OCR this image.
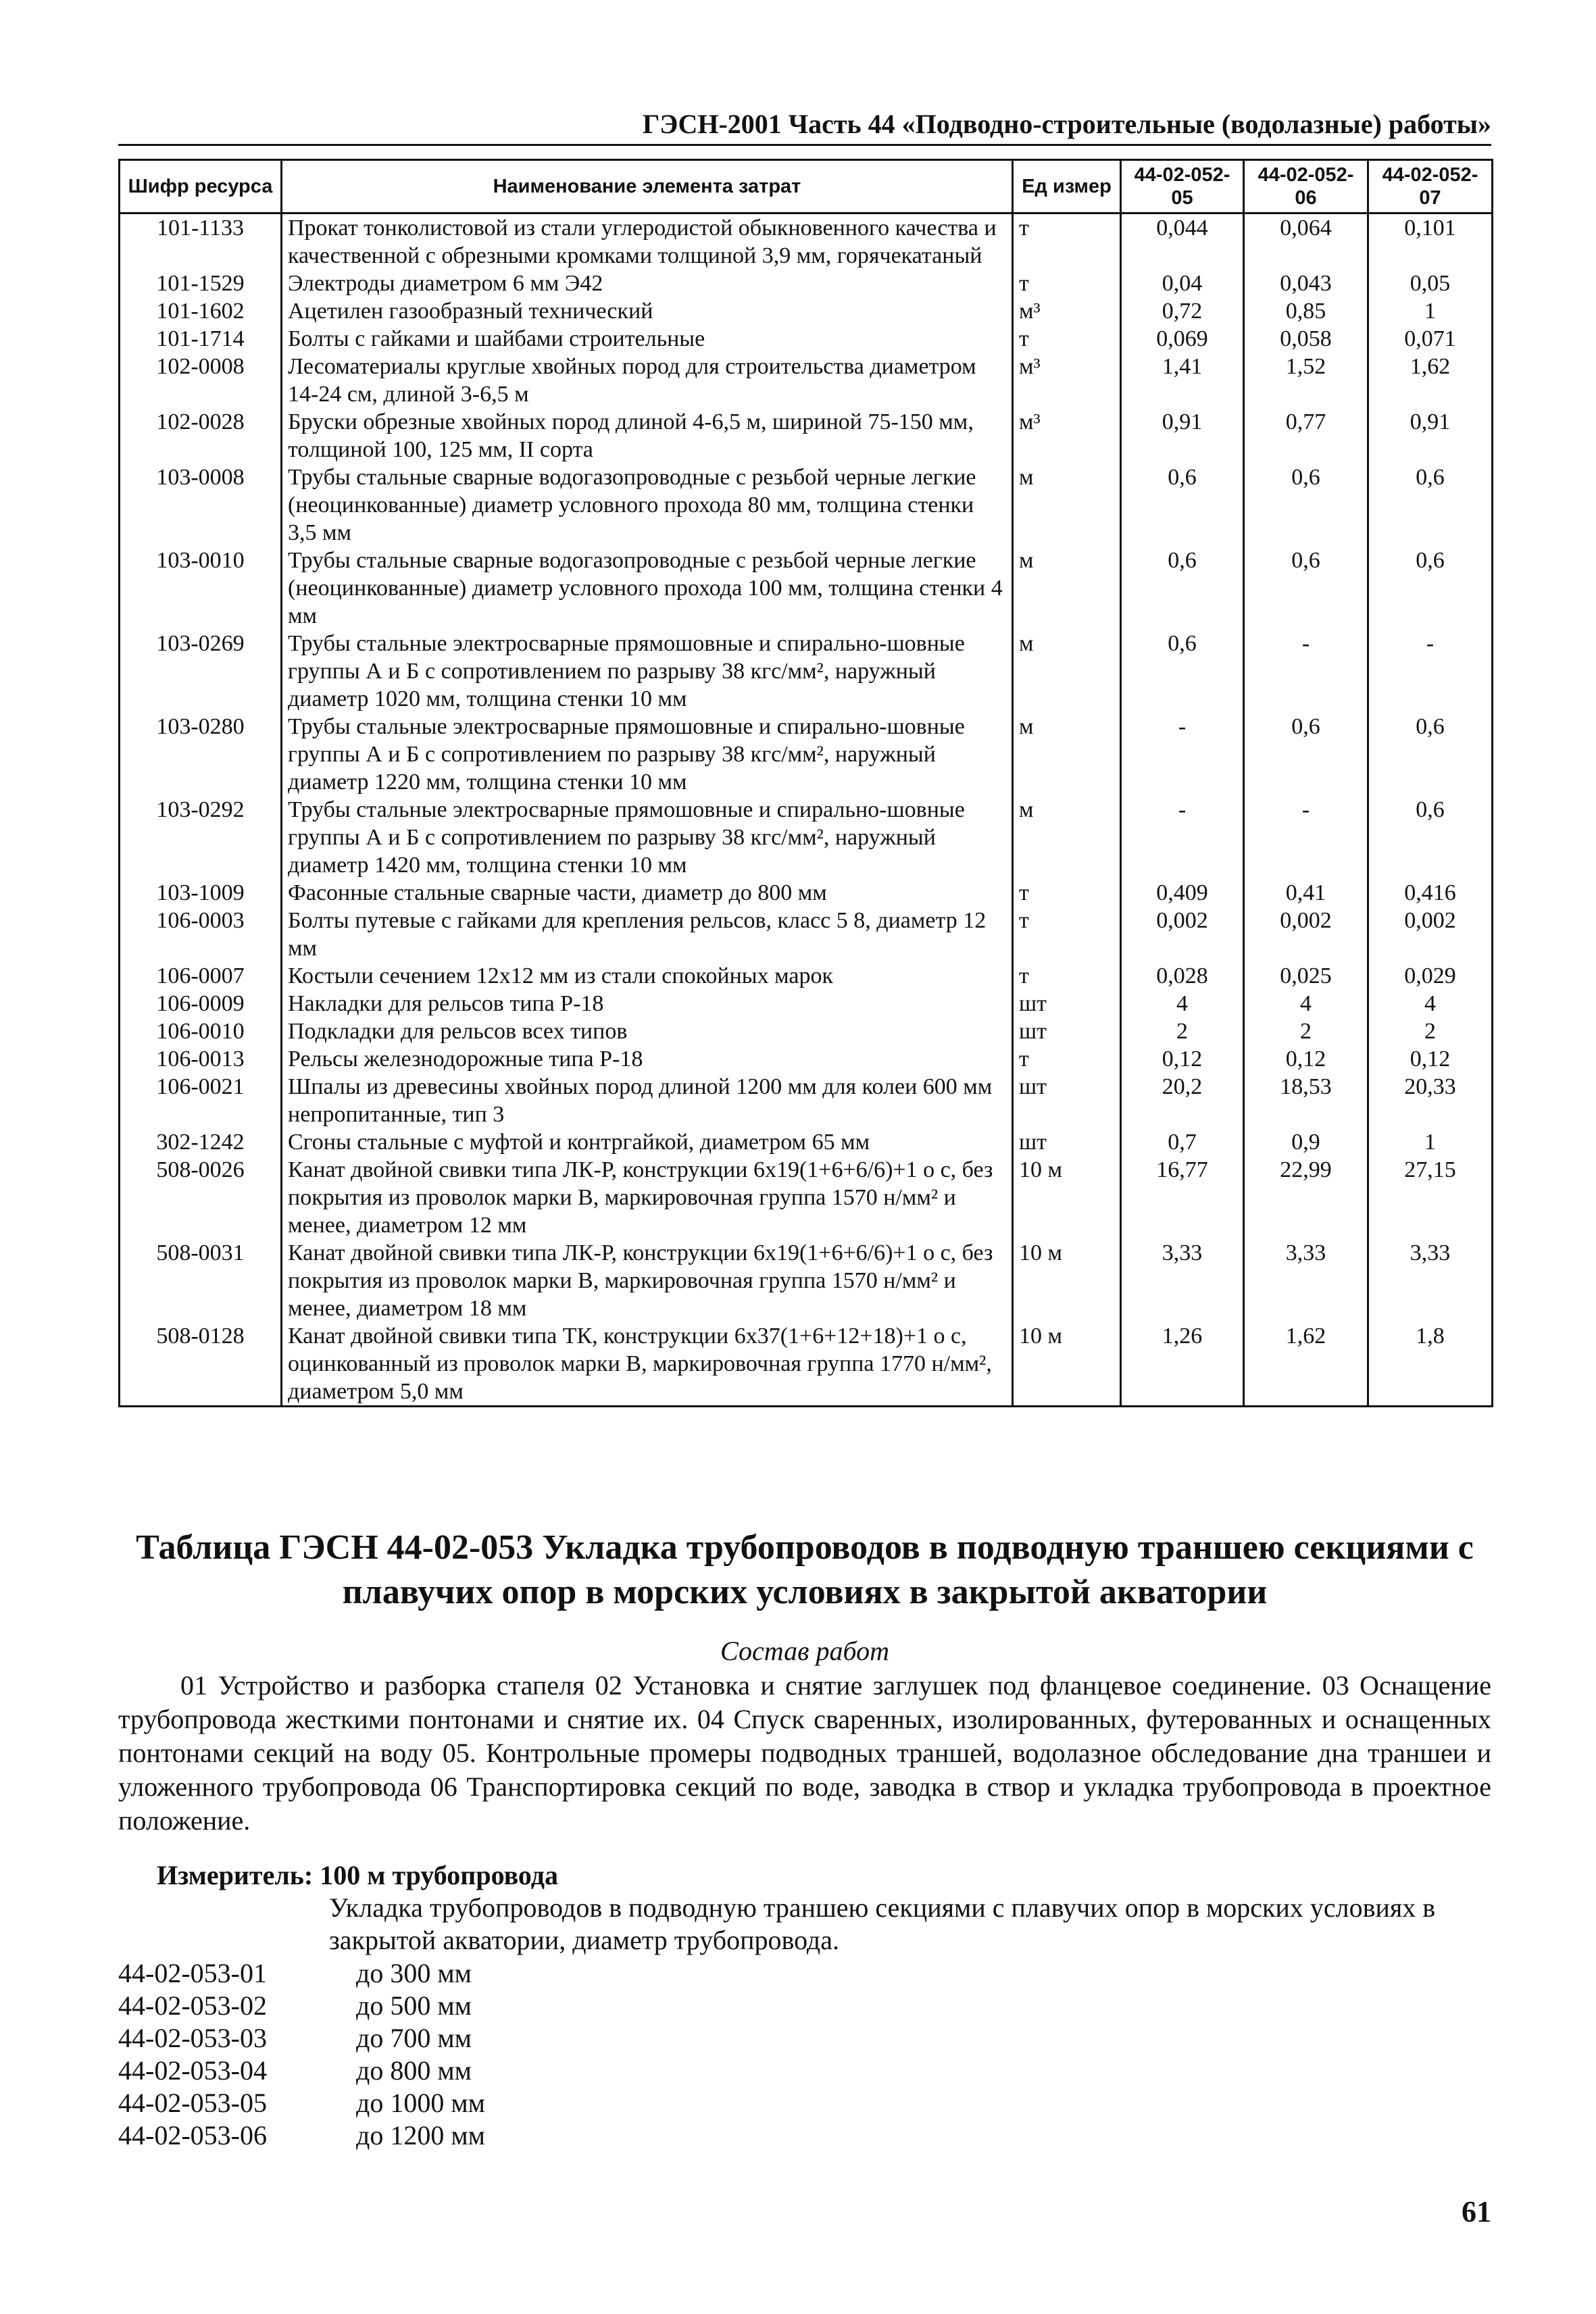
ГЭСН-2001 Часть 44 «Подводно-строительные (водолазные) работы»
Шифр ресурса	Наименование элемента затрат	Ед измер	44-02-052-05	44-02-052-06	44-02-052-07
101-1133	Прокат тонколистовой из стали углеродистой обыкновенного качества и качественной с обрезными кромками толщиной 3,9 мм, горячекатаный	т	0,044	0,064	0,101
101-1529	Электроды диаметром 6 мм Э42	т	0,04	0,043	0,05
101-1602	Ацетилен газообразный технический	м³	0,72	0,85	1
101-1714	Болты с гайками и шайбами строительные	т	0,069	0,058	0,071
102-0008	Лесоматериалы круглые хвойных пород для строительства диаметром 14-24 см, длиной 3-6,5 м	м³	1,41	1,52	1,62
102-0028	Бруски обрезные хвойных пород длиной 4-6,5 м, шириной 75-150 мм, толщиной 100, 125 мм, II сорта	м³	0,91	0,77	0,91
103-0008	Трубы стальные сварные водогазопроводные с резьбой черные легкие (неоцинкованные) диаметр условного прохода 80 мм, толщина стенки 3,5 мм	м	0,6	0,6	0,6
103-0010	Трубы стальные сварные водогазопроводные с резьбой черные легкие (неоцинкованные) диаметр условного прохода 100 мм, толщина стенки 4 мм	м	0,6	0,6	0,6
103-0269	Трубы стальные электросварные прямошовные и спирально-шовные группы А и Б с сопротивлением по разрыву 38 кгс/мм², наружный диаметр 1020 мм, толщина стенки 10 мм	м	0,6	-	-
103-0280	Трубы стальные электросварные прямошовные и спирально-шовные группы А и Б с сопротивлением по разрыву 38 кгс/мм², наружный диаметр 1220 мм, толщина стенки 10 мм	м	-	0,6	0,6
103-0292	Трубы стальные электросварные прямошовные и спирально-шовные группы А и Б с сопротивлением по разрыву 38 кгс/мм², наружный диаметр 1420 мм, толщина стенки 10 мм	м	-	-	0,6
103-1009	Фасонные стальные сварные части, диаметр до 800 мм	т	0,409	0,41	0,416
106-0003	Болты путевые с гайками для крепления рельсов, класс 5 8, диаметр 12 мм	т	0,002	0,002	0,002
106-0007	Костыли сечением 12х12 мм из стали спокойных марок	т	0,028	0,025	0,029
106-0009	Накладки для рельсов типа Р-18	шт	4	4	4
106-0010	Подкладки для рельсов всех типов	шт	2	2	2
106-0013	Рельсы железнодорожные типа Р-18	т	0,12	0,12	0,12
106-0021	Шпалы из древесины хвойных пород длиной 1200 мм для колеи 600 мм непропитанные, тип 3	шт	20,2	18,53	20,33
302-1242	Сгоны стальные с муфтой и контргайкой, диаметром 65 мм	шт	0,7	0,9	1
508-0026	Канат двойной свивки типа ЛК-Р, конструкции 6х19(1+6+6/6)+1 о с, без покрытия из проволок марки В, маркировочная группа 1570 н/мм² и менее, диаметром 12 мм	10 м	16,77	22,99	27,15
508-0031	Канат двойной свивки типа ЛК-Р, конструкции 6х19(1+6+6/6)+1 о с, без покрытия из проволок марки В, маркировочная группа 1570 н/мм² и менее, диаметром 18 мм	10 м	3,33	3,33	3,33
508-0128	Канат двойной свивки типа ТК, конструкции 6х37(1+6+12+18)+1 о с, оцинкованный из проволок марки В, маркировочная группа 1770 н/мм², диаметром 5,0 мм	10 м	1,26	1,62	1,8
Таблица ГЭСН 44-02-053 Укладка трубопроводов в подводную траншею секциями с плавучих опор в морских условиях в закрытой акватории
Состав работ
01 Устройство и разборка стапеля 02 Установка и снятие заглушек под фланцевое соединение. 03 Оснащение трубопровода жесткими понтонами и снятие их. 04 Спуск сваренных, изолированных, футерованных и оснащенных понтонами секций на воду 05. Контрольные промеры подводных траншей, водолазное обследование дна траншеи и уложенного трубопровода 06 Транспортировка секций по воде, заводка в створ и укладка трубопровода в проектное положение.
Измеритель: 100 м трубопровода
Укладка трубопроводов в подводную траншею секциями с плавучих опор в морских условиях в закрытой акватории, диаметр трубопровода.
44-02-053-01	до 300 мм
44-02-053-02	до 500 мм
44-02-053-03	до 700 мм
44-02-053-04	до 800 мм
44-02-053-05	до 1000 мм
44-02-053-06	до 1200 мм
61
